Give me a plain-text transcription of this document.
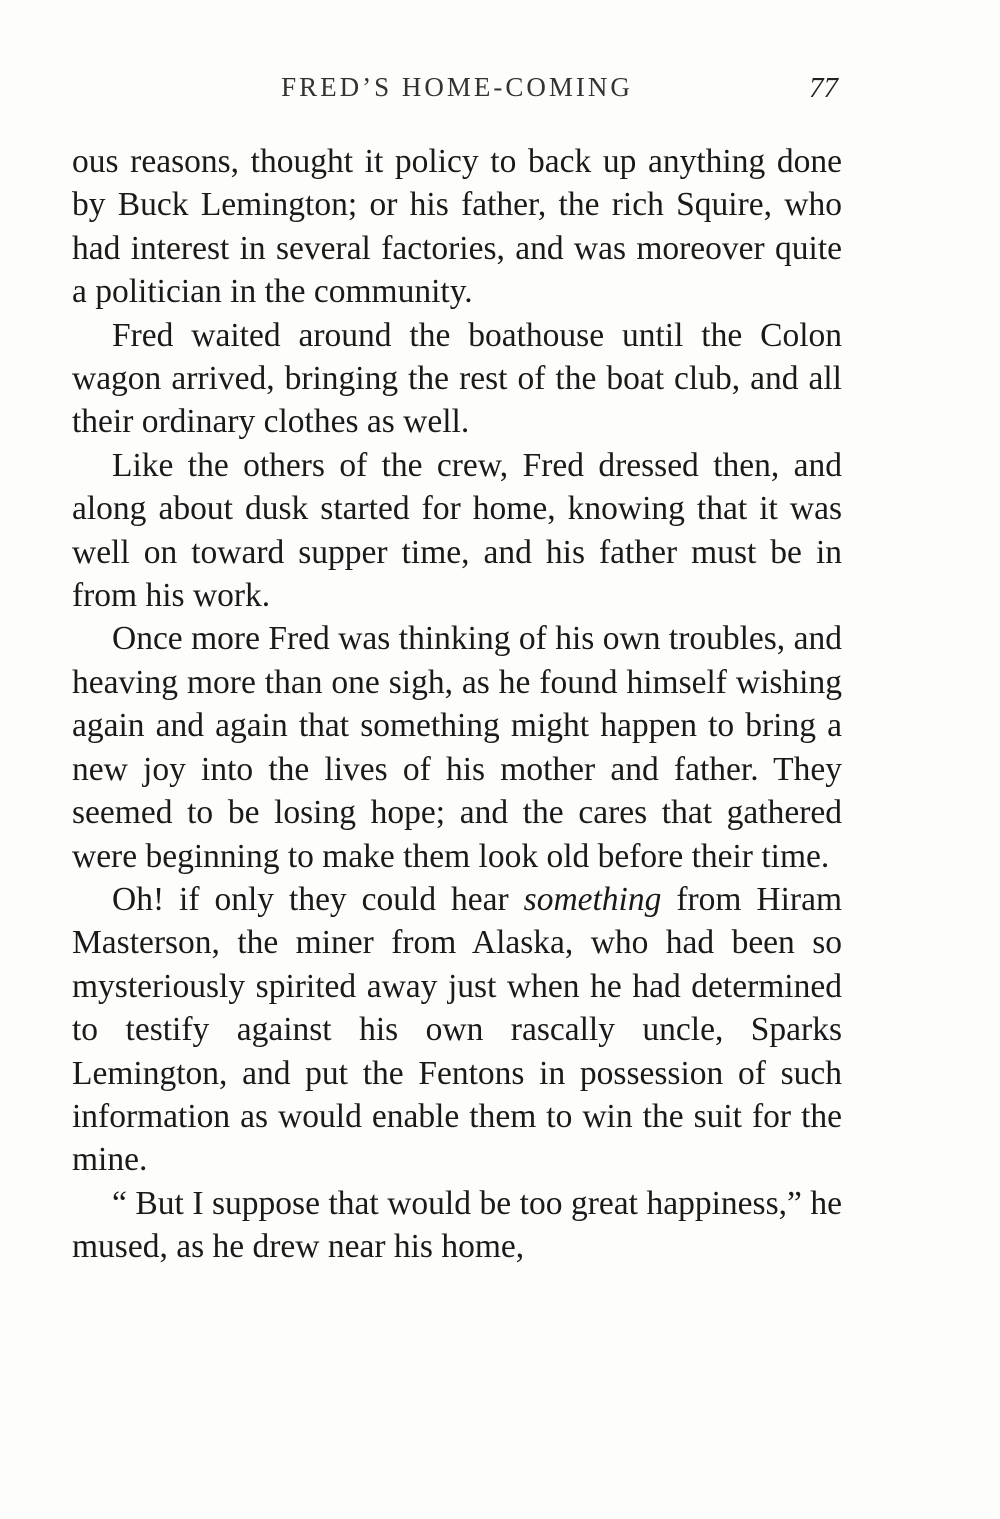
FRED’S HOME-COMING	77

ous reasons, thought it policy to back up anything done by Buck Lemington; or his father, the rich Squire, who had interest in several factories, and was moreover quite a politician in the community.

Fred waited around the boathouse until the Colon wagon arrived, bringing the rest of the boat club, and all their ordinary clothes as well.

Like the others of the crew, Fred dressed then, and along about dusk started for home, knowing that it was well on toward supper time, and his father must be in from his work.

Once more Fred was thinking of his own troubles, and heaving more than one sigh, as he found himself wishing again and again that something might happen to bring a new joy into the lives of his mother and father. They seemed to be losing hope; and the cares that gathered were beginning to make them look old before their time.

Oh! if only they could hear something from Hiram Masterson, the miner from Alaska, who had been so mysteriously spirited away just when he had determined to testify against his own rascally uncle, Sparks Lemington, and put the Fentons in possession of such information as would enable them to win the suit for the mine.

“ But I suppose that would be too great happiness,” he mused, as he drew near his home,
